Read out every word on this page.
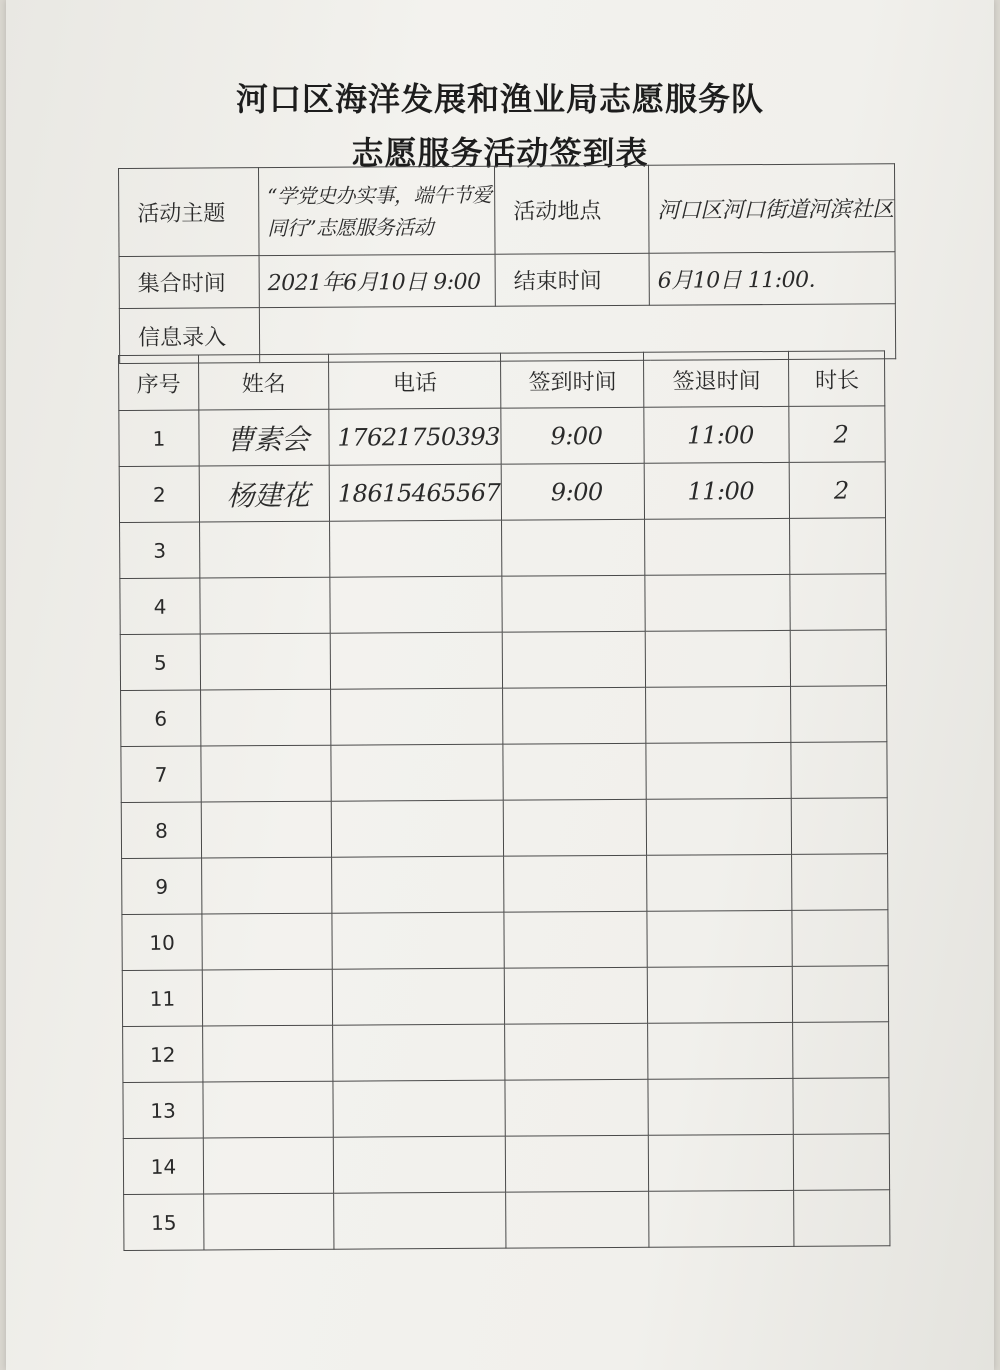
河口区海洋发展和渔业局志愿服务队
志愿服务活动签到表
活动主题	“学党史办实事，端午节爱同行”志愿服务活动	活动地点	河口区河口街道河滨社区
集合时间	2021年6月10日 9:00	结束时间	6月10日 11:00.
信息录入			
序号	姓名	电话	签到时间	签退时间	时长
1	曹素会	17621750393	9:00	11:00	2
2	杨建花	18615465567	9:00	11:00	2
3					
4					
5					
6					
7					
8					
9					
10					
11					
12					
13					
14					
15					
